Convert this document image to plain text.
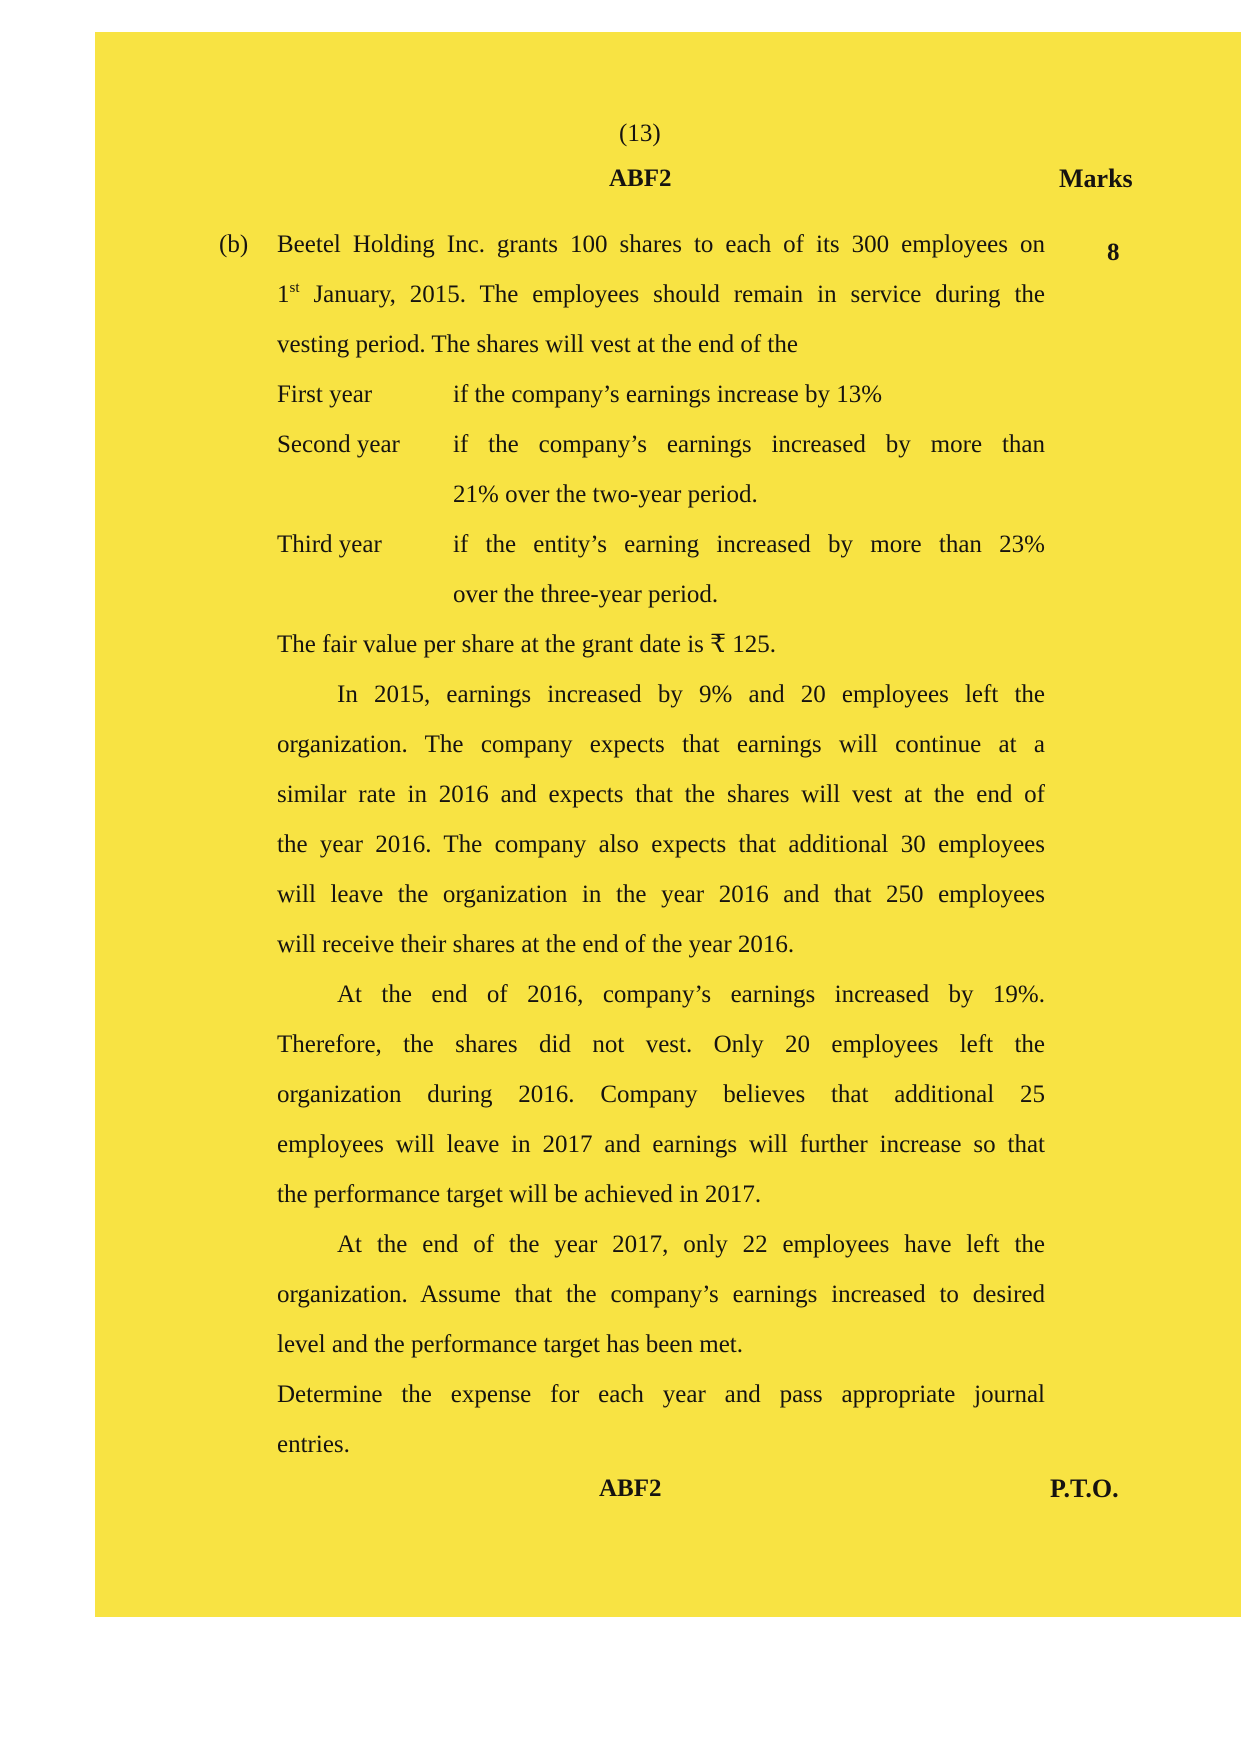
(13)
ABF2	Marks
(b)	8
Beetel Holding Inc. grants 100 shares to each of its 300 employees on
1st January, 2015. The employees should remain in service during the
vesting period. The shares will vest at the end of the
First year	if the company’s earnings increase by 13%
Second year if the company’s earnings increased by more than
21% over the two-year period.
Third year	if the entity’s earning increased by more than 23%
over the three-year period.
The fair value per share at the grant date is ₹ 125.
In 2015, earnings increased by 9% and 20 employees left the
organization. The company expects that earnings will continue at a
similar rate in 2016 and expects that the shares will vest at the end of
the year 2016. The company also expects that additional 30 employees
will leave the organization in the year 2016 and that 250 employees
will receive their shares at the end of the year 2016.
At the end of 2016, company’s earnings increased by 19%.
Therefore, the shares did not vest. Only 20 employees left the
organization during 2016. Company believes that additional 25
employees will leave in 2017 and earnings will further increase so that
the performance target will be achieved in 2017.
At the end of the year 2017, only 22 employees have left the
organization. Assume that the company’s earnings increased to desired
level and the performance target has been met.
Determine the expense for each year and pass appropriate journal
entries.
ABF2	P.T.O.
